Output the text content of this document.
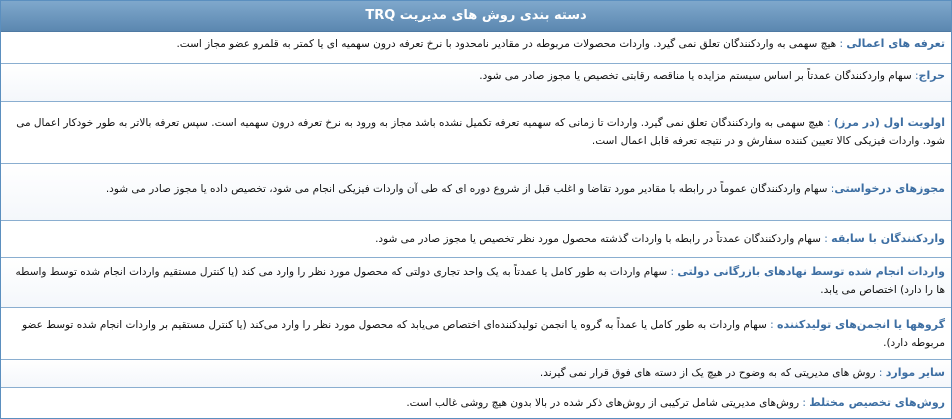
دسته بندی روش های مدیریت TRQ
تعرفه های اعمالی : هیچ سهمی به واردکنندگان تعلق نمی گیرد. واردات محصولات مربوطه در مقادیر نامحدود با نرخ تعرفه درون سهمیه ای یا کمتر به قلمرو عضو مجاز است.
حراج: سهام واردکنندگان عمدتاً بر اساس سیستم مزایده یا مناقصه رقابتی تخصیص یا مجوز صادر می شود.
اولویت اول (در مرز) : هیچ سهمی به واردکنندگان تعلق نمی گیرد. واردات تا زمانی که سهمیه تعرفه تکمیل نشده باشد مجاز به ورود به نرخ تعرفه درون سهمیه است. سپس تعرفه بالاتر به طور خودکار اعمال می شود. واردات فیزیکی کالا تعیین کننده سفارش و در نتیجه تعرفه قابل اعمال است.
مجوزهای درخواستی: سهام واردکنندگان عموماً در رابطه با مقادیر مورد تقاضا و اغلب قبل از شروع دوره ای که طی آن واردات فیزیکی انجام می شود، تخصیص داده یا مجوز صادر می شود.
واردکنندگان با سابقه : سهام واردکنندگان عمدتاً در رابطه با واردات گذشته محصول مورد نظر تخصیص یا مجوز صادر می شود.
واردات انجام شده توسط نهادهای بازرگانی دولتی : سهام واردات به طور کامل یا عمدتاً به یک واحد تجاری دولتی که محصول مورد نظر را وارد می کند (یا کنترل مستقیم واردات انجام شده توسط واسطه ها را دارد) اختصاص می یابد.
گروهها یا انجمن‌های تولیدکننده : سهام واردات به طور کامل یا عمداً به گروه یا انجمن تولیدکننده‌ای اختصاص می‌یابد که محصول مورد نظر را وارد می‌کند (یا کنترل مستقیم بر واردات انجام شده توسط عضو مربوطه دارد).
سایر موارد : روش های مدیریتی که به وضوح در هیچ یک از دسته های فوق قرار نمی گیرند.
روش‌های تخصیص مختلط : روش‌های مدیریتی شامل ترکیبی از روش‌های ذکر شده در بالا بدون هیچ روشی غالب است.
